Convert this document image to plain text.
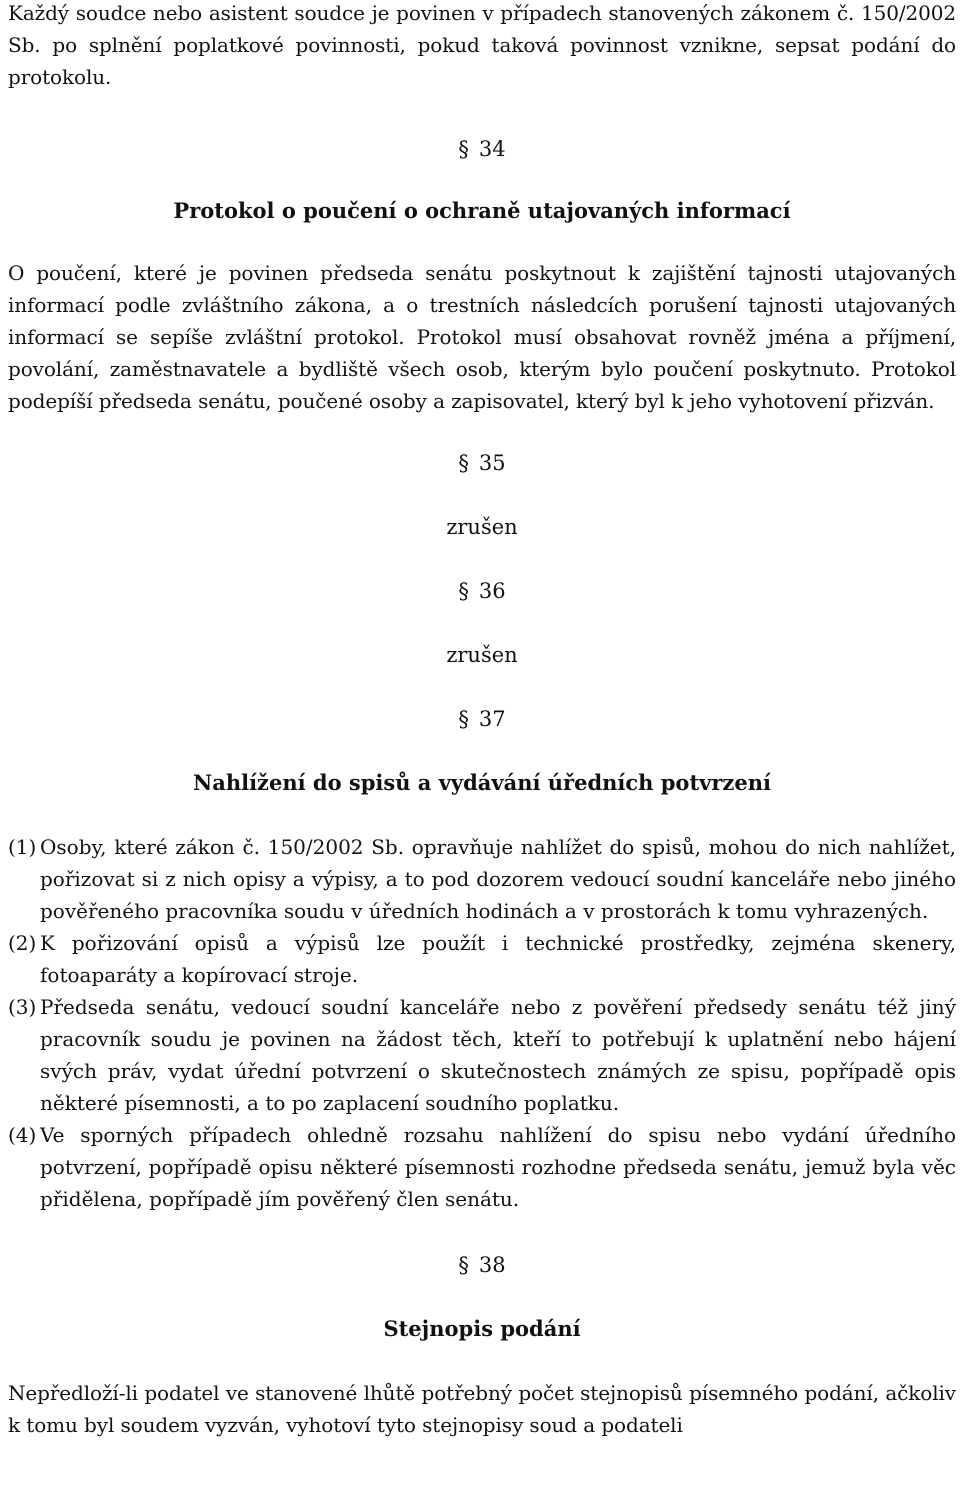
Každý soudce nebo asistent soudce je povinen v případech stanovených zákonem č. 150/2002 Sb. po splnění poplatkové povinnosti, pokud taková povinnost vznikne, sepsat podání do protokolu.

§ 34
Protokol o poučení o ochraně utajovaných informací

O poučení, které je povinen předseda senátu poskytnout k zajištění tajnosti utajovaných informací podle zvláštního zákona, a o trestních následcích porušení tajnosti utajovaných informací se sepíše zvláštní protokol. Protokol musí obsahovat rovněž jména a příjmení, povolání, zaměstnavatele a bydliště všech osob, kterým bylo poučení poskytnuto. Protokol podepíší předseda senátu, poučené osoby a zapisovatel, který byl k jeho vyhotovení přizván.

§ 35
zrušen
§ 36
zrušen
§ 37
Nahlížení do spisů a vydávání úředních potvrzení
(1) Osoby, které zákon č. 150/2002 Sb. opravňuje nahlížet do spisů, mohou do nich nahlížet, pořizovat si z nich opisy a výpisy, a to pod dozorem vedoucí soudní kanceláře nebo jiného pověřeného pracovníka soudu v úředních hodinách a v prostorách k tomu vyhrazených.
(2) K pořizování opisů a výpisů lze použít i technické prostředky, zejména skenery, fotoaparáty a kopírovací stroje.
(3) Předseda senátu, vedoucí soudní kanceláře nebo z pověření předsedy senátu též jiný pracovník soudu je povinen na žádost těch, kteří to potřebují k uplatnění nebo hájení svých práv, vydat úřední potvrzení o skutečnostech známých ze spisu, popřípadě opis některé písemnosti, a to po zaplacení soudního poplatku.
(4) Ve sporných případech ohledně rozsahu nahlížení do spisu nebo vydání úředního potvrzení, popřípadě opisu některé písemnosti rozhodne předseda senátu, jemuž byla věc přidělena, popřípadě jím pověřený člen senátu.
§ 38
Stejnopis podání

Nepředloží-li podatel ve stanovené lhůtě potřebný počet stejnopisů písemného podání, ačkoliv k tomu byl soudem vyzván, vyhotoví tyto stejnopisy soud a podateli
